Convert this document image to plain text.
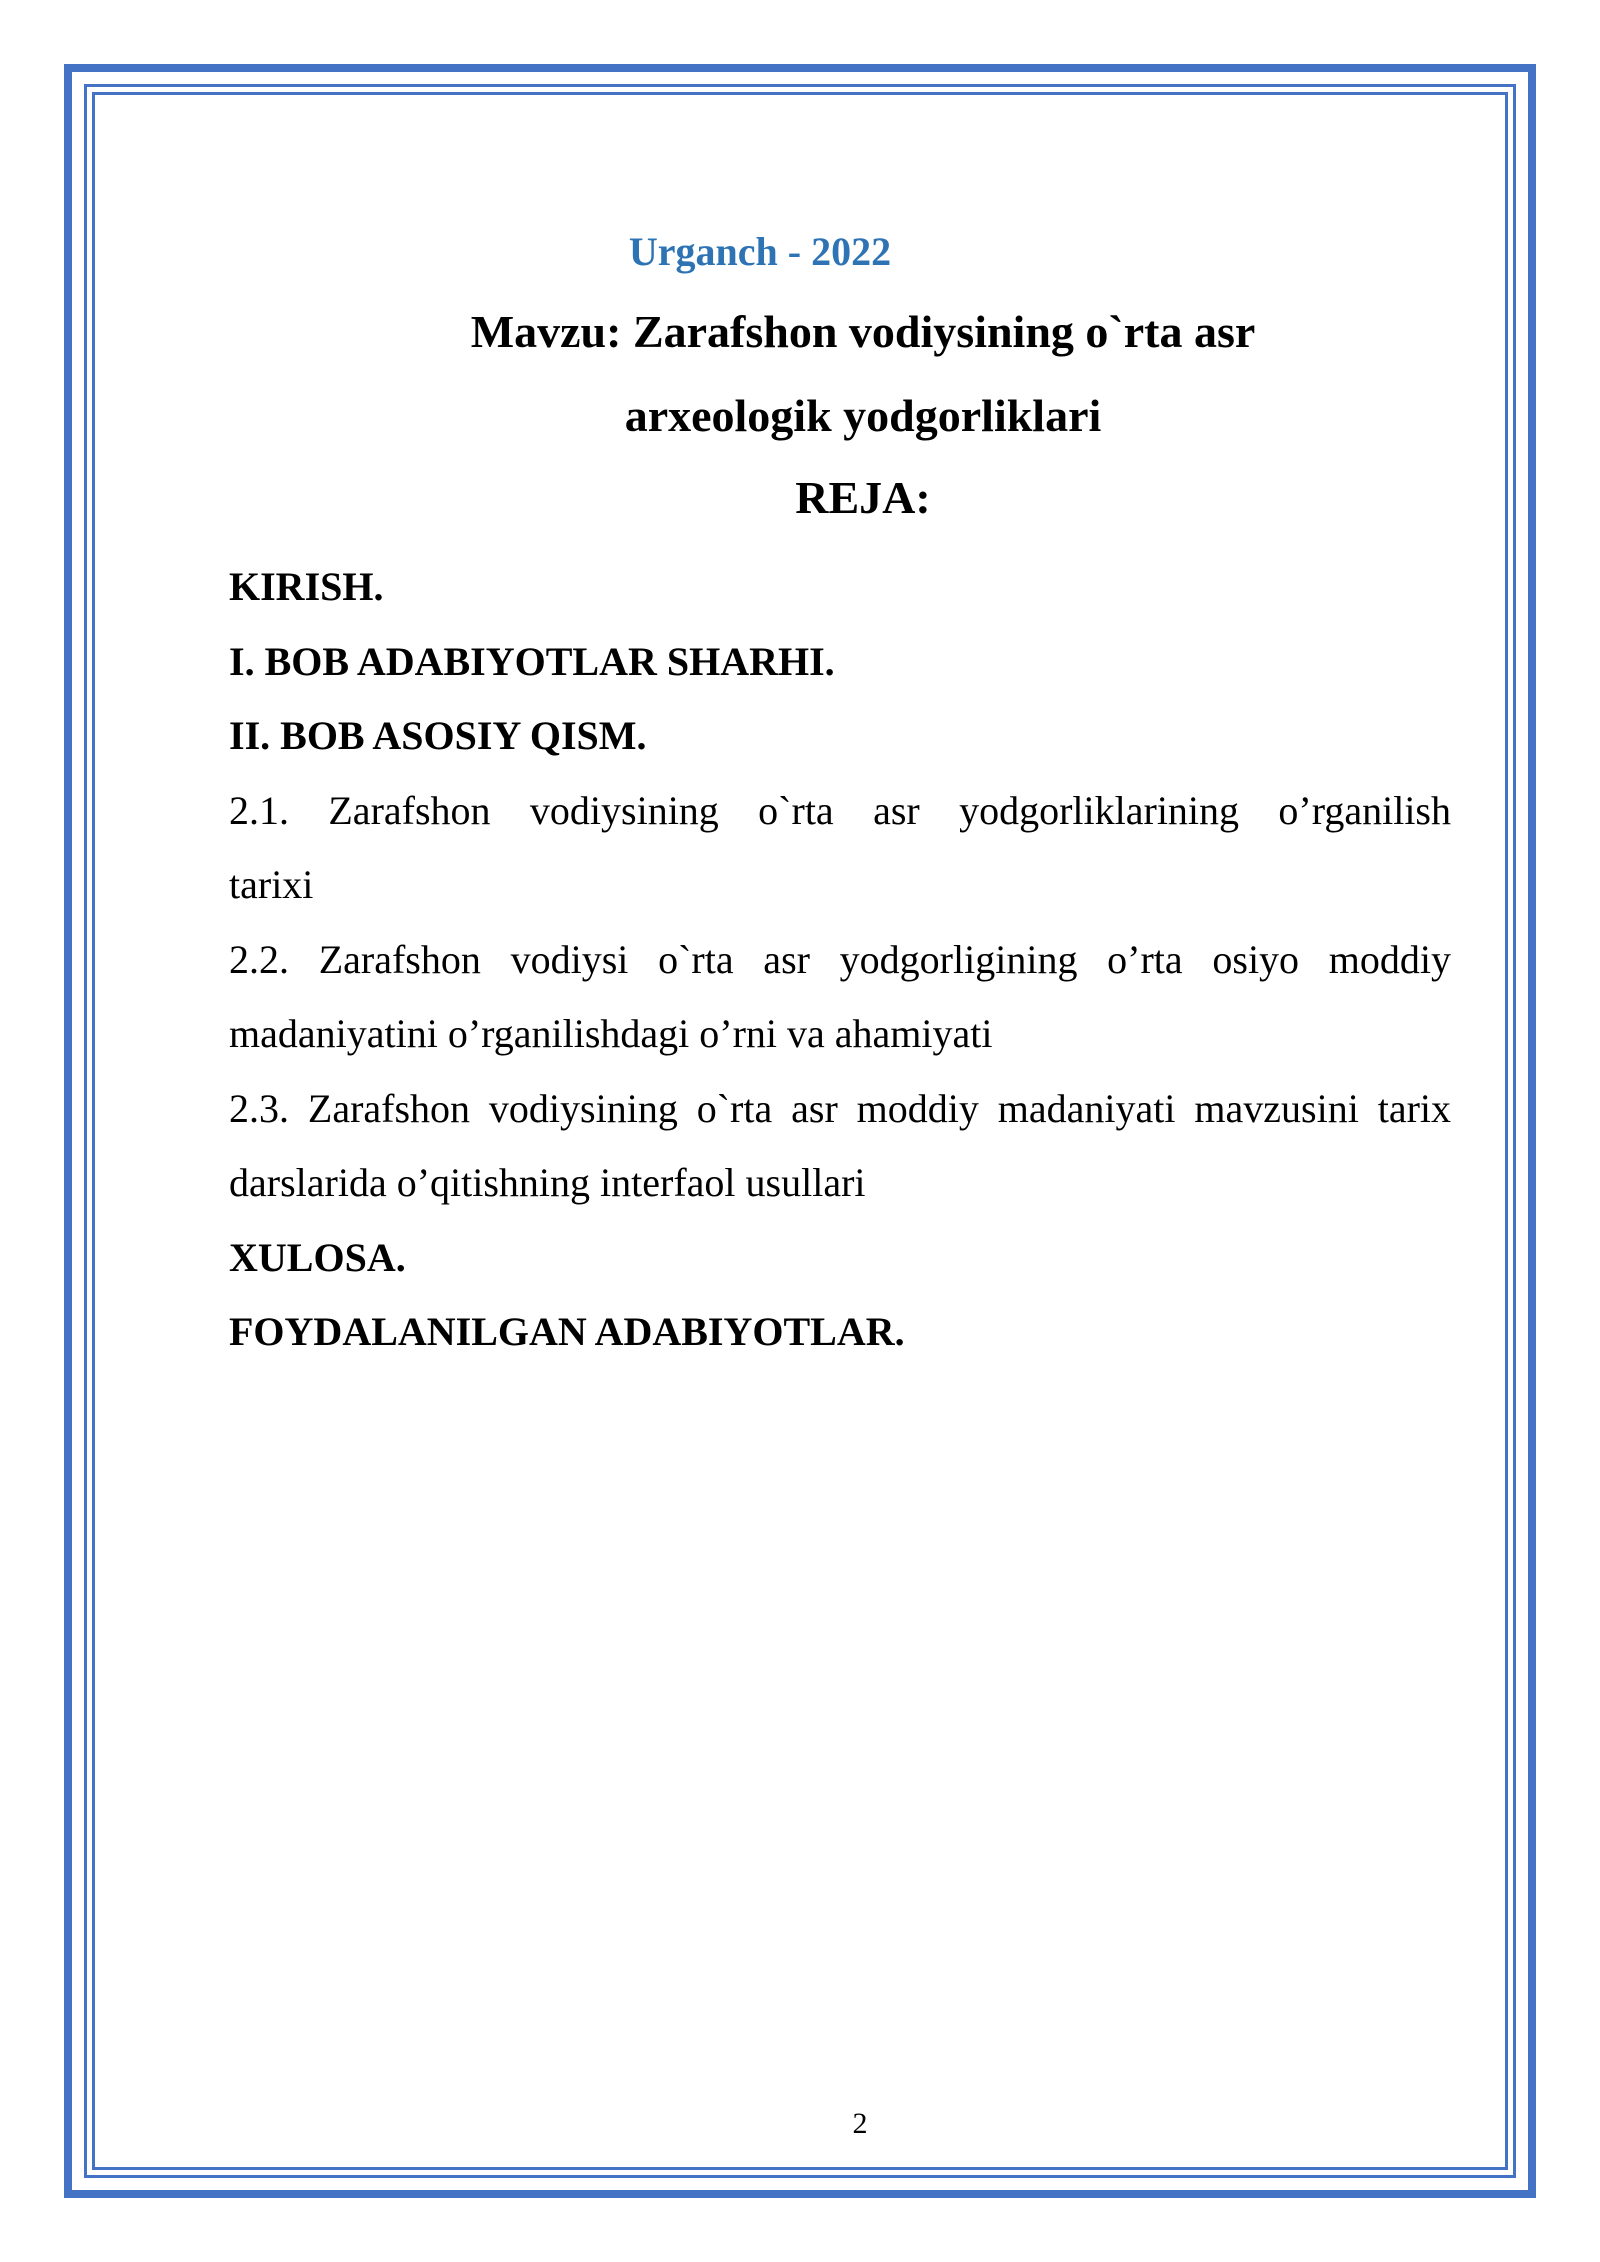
Urganch - 2022

Mavzu: Zarafshon vodiysining o`rta asr

arxeologik yodgorliklari

REJA:

KIRISH.

I. BOB ADABIYOTLAR SHARHI.

II. BOB ASOSIY QISM.

2.1. Zarafshon vodiysining o`rta asr yodgorliklarining o’rganilish

tarixi

2.2. Zarafshon vodiysi o`rta asr yodgorligining o’rta osiyo moddiy

madaniyatini o’rganilishdagi o’rni va ahamiyati

2.3. Zarafshon vodiysining o`rta asr moddiy madaniyati mavzusini tarix

darslarida o’qitishning interfaol usullari

XULOSA.

FOYDALANILGAN ADABIYOTLAR.

2
